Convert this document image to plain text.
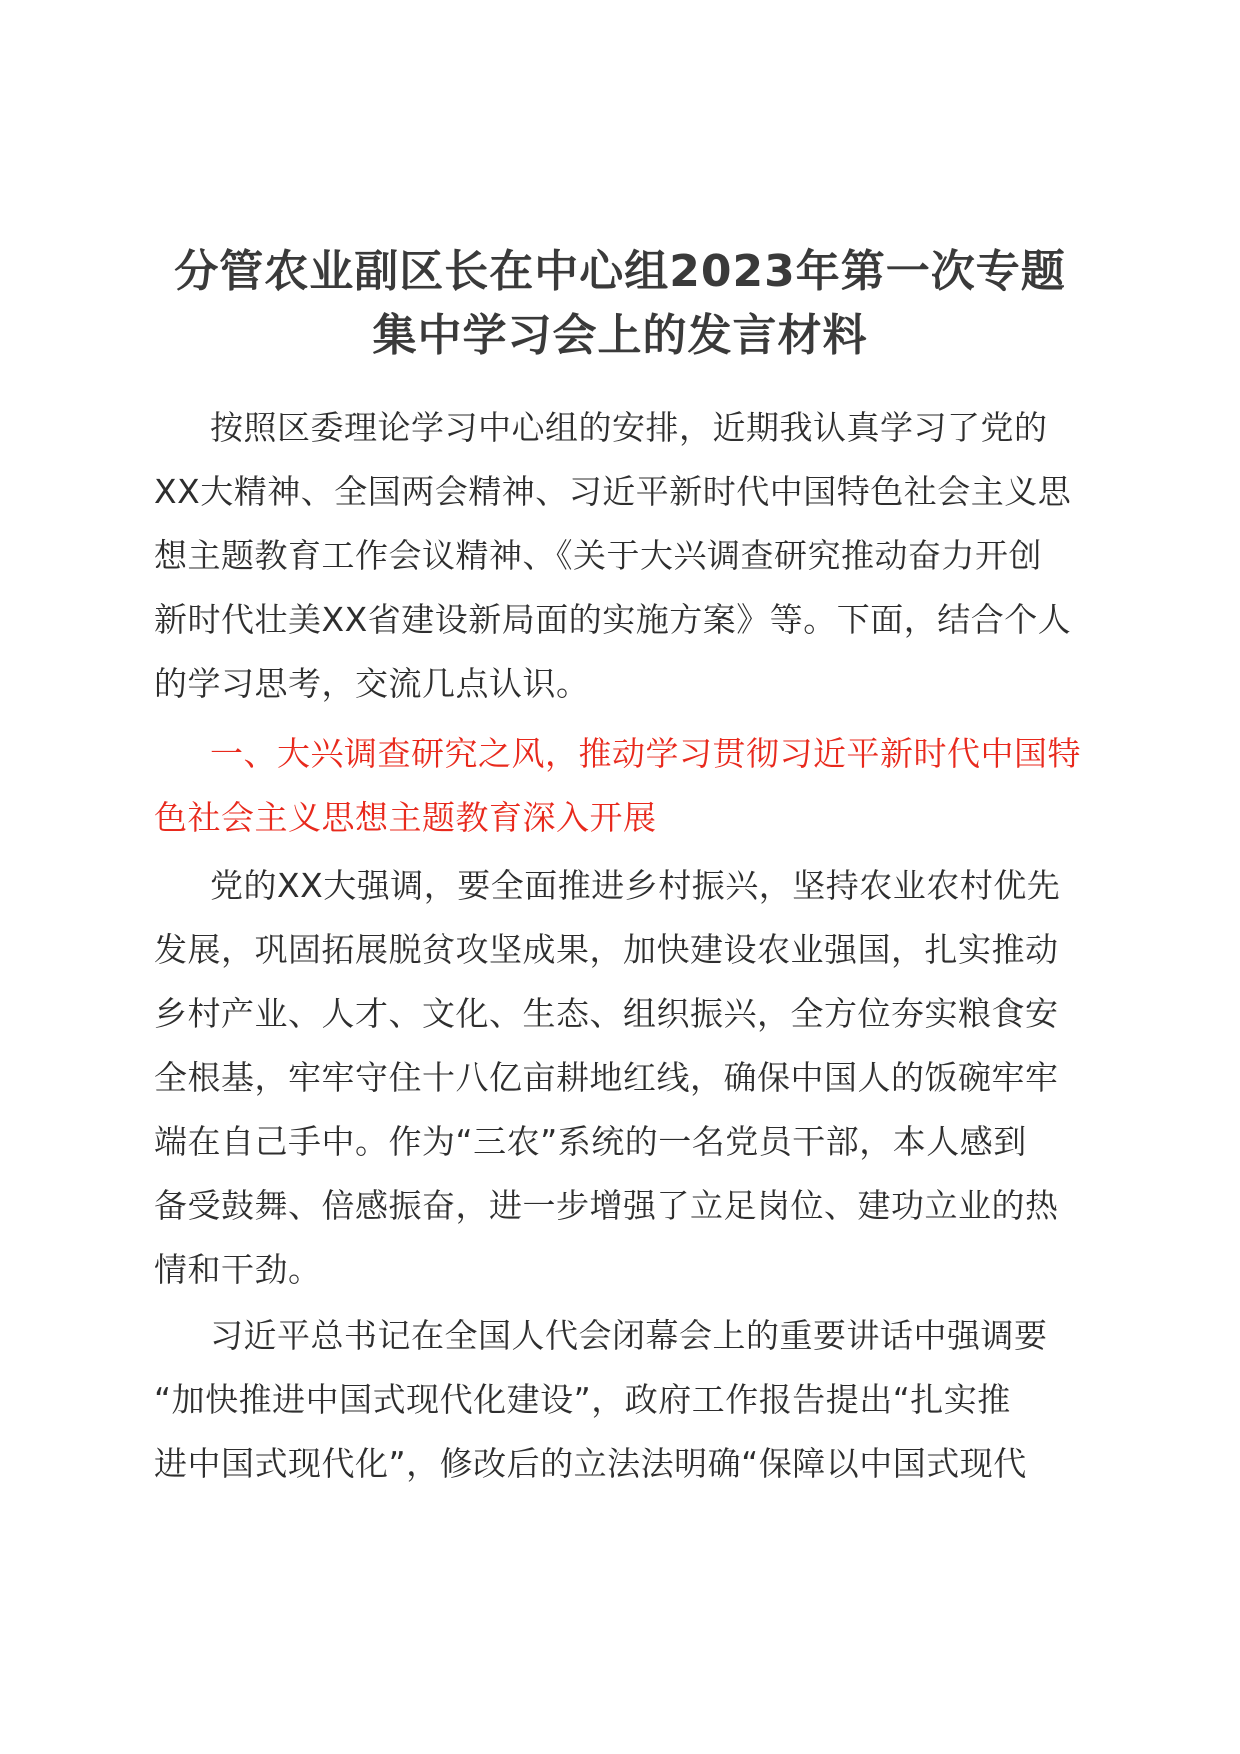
分管农业副区长在中心组2023年第一次专题
集中学习会上的发言材料
按照区委理论学习中心组的安排，近期我认真学习了党的
XX大精神、全国两会精神、习近平新时代中国特色社会主义思
想主题教育工作会议精神、《关于大兴调查研究推动奋力开创
新时代壮美XX省建设新局面的实施方案》等。下面，结合个人
的学习思考，交流几点认识。
一、大兴调查研究之风，推动学习贯彻习近平新时代中国特
色社会主义思想主题教育深入开展
党的XX大强调，要全面推进乡村振兴，坚持农业农村优先
发展，巩固拓展脱贫攻坚成果，加快建设农业强国，扎实推动
乡村产业、人才、文化、生态、组织振兴，全方位夯实粮食安
全根基，牢牢守住十八亿亩耕地红线，确保中国人的饭碗牢牢
端在自己手中。作为“三农”系统的一名党员干部，本人感到
备受鼓舞、倍感振奋，进一步增强了立足岗位、建功立业的热
情和干劲。
习近平总书记在全国人代会闭幕会上的重要讲话中强调要
“加快推进中国式现代化建设”，政府工作报告提出“扎实推
进中国式现代化”，修改后的立法法明确“保障以中国式现代
